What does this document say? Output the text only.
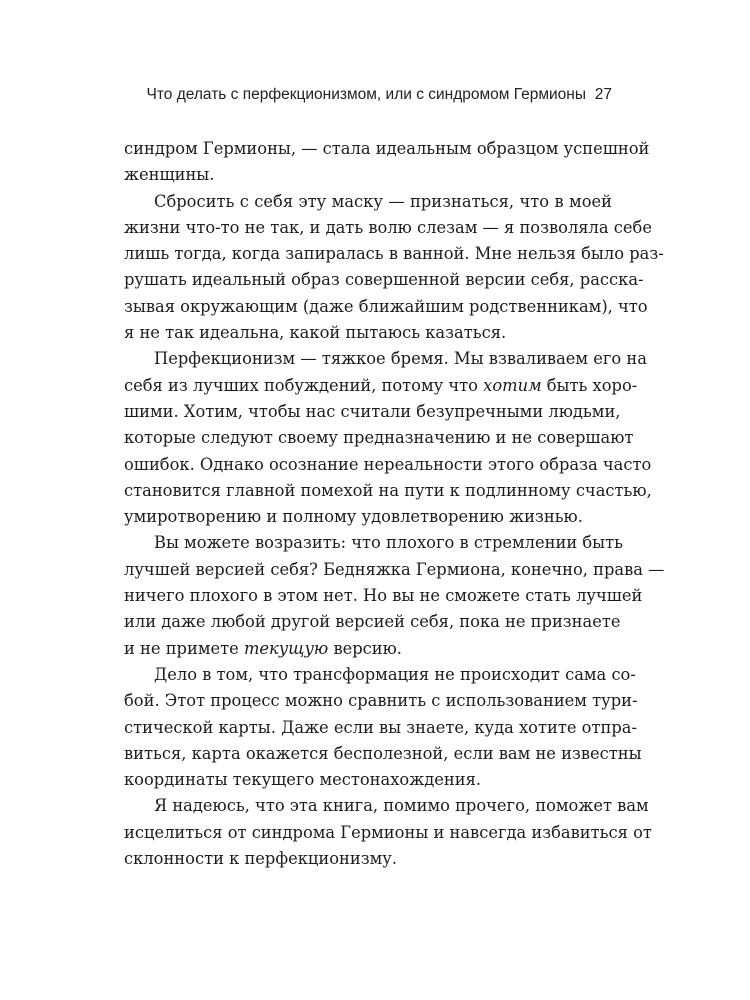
Что делать с перфекционизмом, или с синдромом Гермионы 27
синдром Гермионы, — стала идеальным образцом успешной
женщины.
Сбросить с себя эту маску — признаться, что в моей
жизни что-то не так, и дать волю слезам — я позволяла себе
лишь тогда, когда запиралась в ванной. Мне нельзя было раз-
рушать идеальный образ совершенной версии себя, расска-
зывая окружающим (даже ближайшим родственникам), что
я не так идеальна, какой пытаюсь казаться.
Перфекционизм — тяжкое бремя. Мы взваливаем его на
себя из лучших побуждений, потому что хотим быть хоро-
шими. Хотим, чтобы нас считали безупречными людьми,
которые следуют своему предназначению и не совершают
ошибок. Однако осознание нереальности этого образа часто
становится главной помехой на пути к подлинному счастью,
умиротворению и полному удовлетворению жизнью.
Вы можете возразить: что плохого в стремлении быть
лучшей версией себя? Бедняжка Гермиона, конечно, права —
ничего плохого в этом нет. Но вы не сможете стать лучшей
или даже любой другой версией себя, пока не признаете
и не примете текущую версию.
Дело в том, что трансформация не происходит сама со-
бой. Этот процесс можно сравнить с использованием тури-
стической карты. Даже если вы знаете, куда хотите отпра-
виться, карта окажется бесполезной, если вам не известны
координаты текущего местонахождения.
Я надеюсь, что эта книга, помимо прочего, поможет вам
исцелиться от синдрома Гермионы и навсегда избавиться от
склонности к перфекционизму.
